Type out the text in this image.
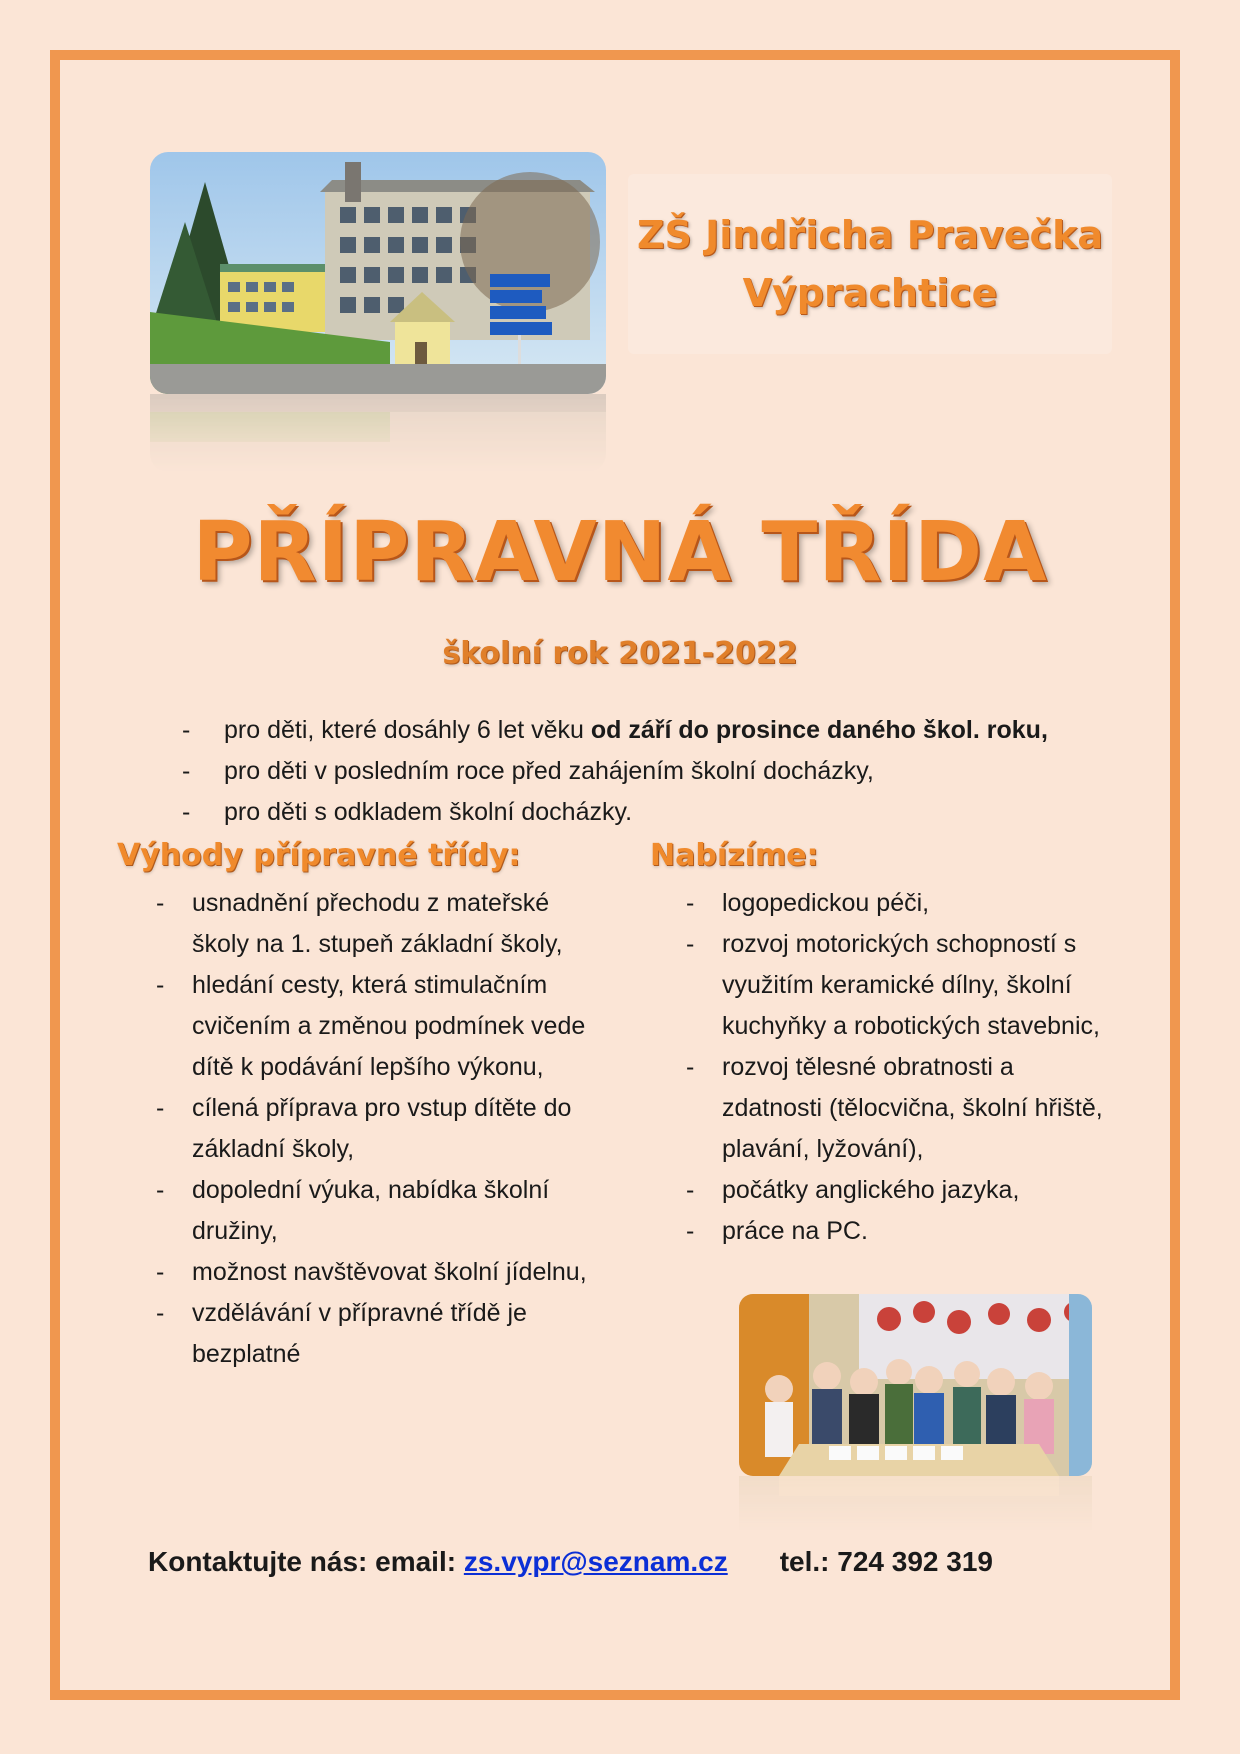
ZŠ Jindřicha Pravečka
Výprachtice
PŘÍPRAVNÁ TŘÍDA
školní rok 2021-2022
-	pro děti, které dosáhly 6 let věku od září do prosince daného škol. roku,
-	pro děti v posledním roce před zahájením školní docházky,
-	pro děti s odkladem školní docházky.
Výhody přípravné třídy:	Nabízíme:
-	usnadnění přechodu z mateřské školy na 1. stupeň základní školy,
-	hledání cesty, která stimulačním cvičením a změnou podmínek vede dítě k podávání lepšího výkonu,
-	cílená příprava pro vstup dítěte do základní školy,
-	dopolední výuka, nabídka školní družiny,
-	možnost navštěvovat školní jídelnu,
-	vzdělávání v přípravné třídě je bezplatné
-	logopedickou péči,
-	rozvoj motorických schopností s využitím keramické dílny, školní kuchyňky a robotických stavebnic,
-	rozvoj tělesné obratnosti a zdatnosti (tělocvična, školní hřiště, plavání, lyžování),
-	počátky anglického jazyka,
-	práce na PC.
Kontaktujte nás: email: zs.vypr@seznam.cz tel.: 724 392 319
